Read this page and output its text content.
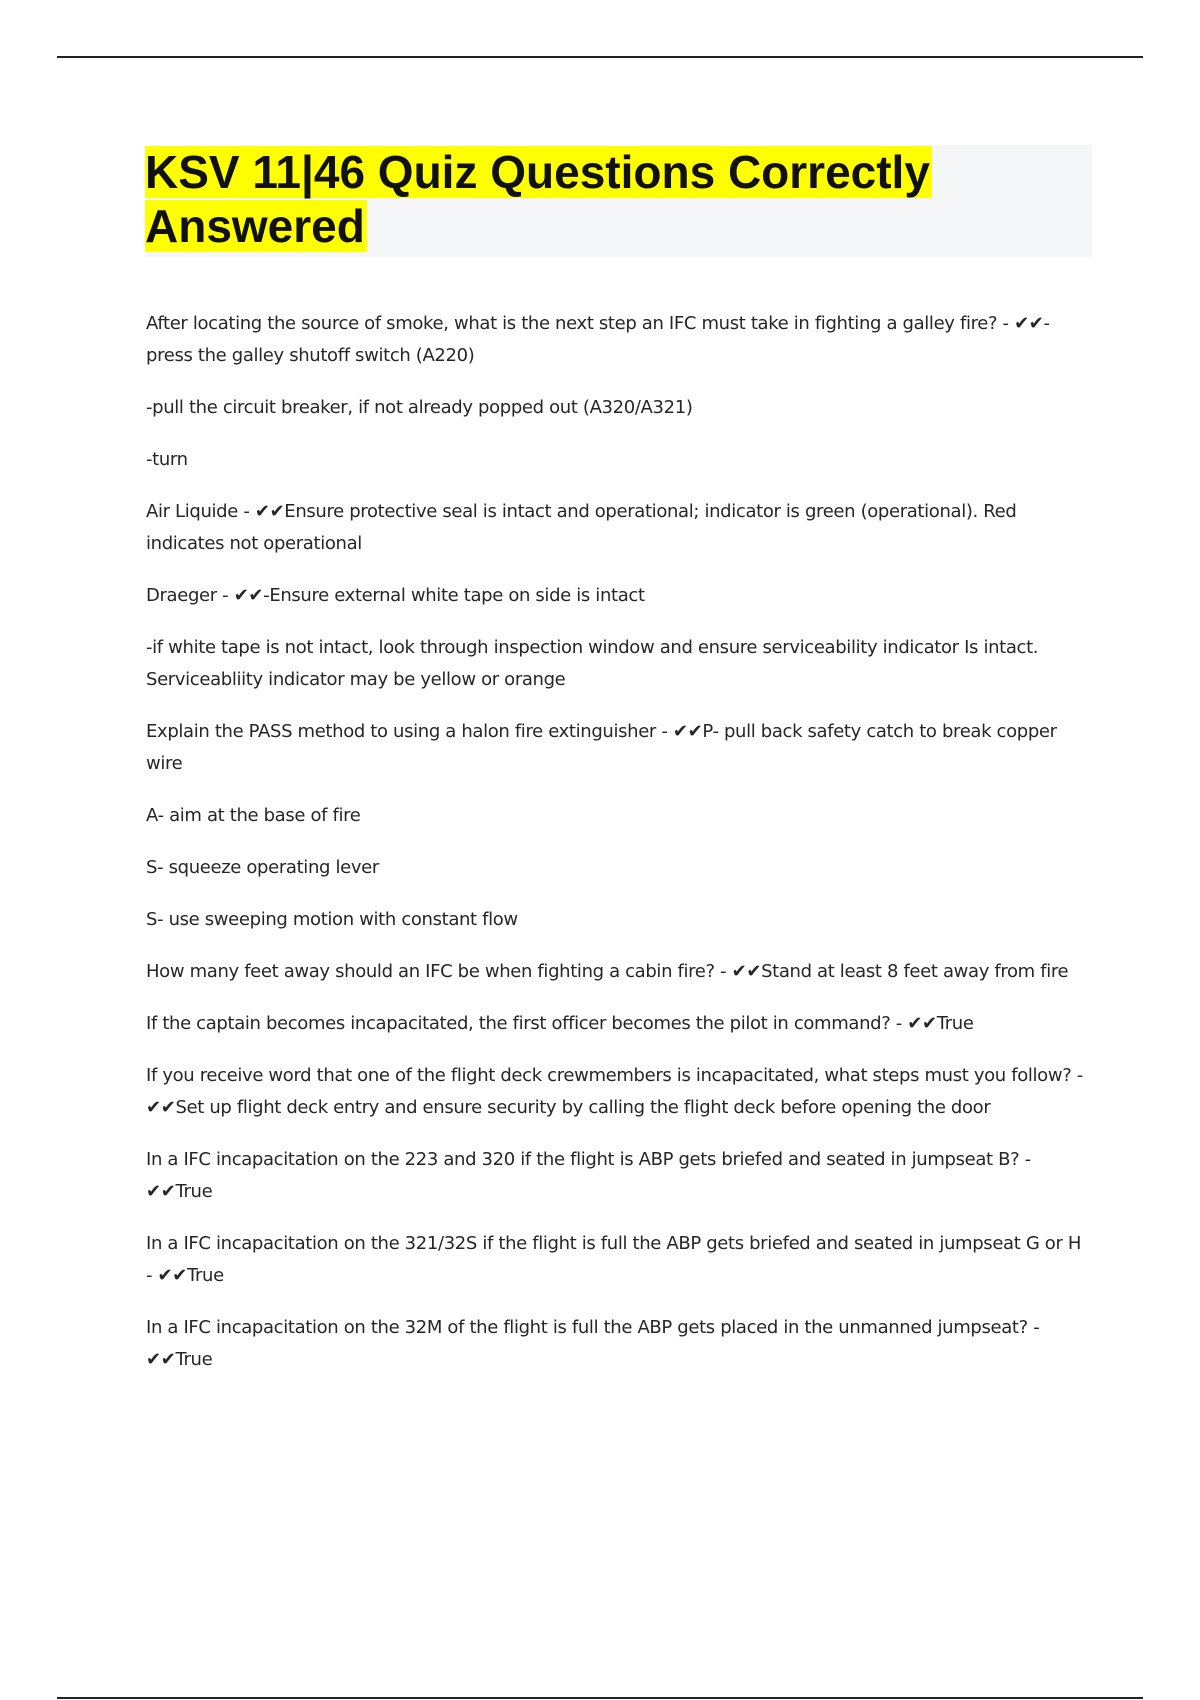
KSV 11|46 Quiz Questions Correctly
Answered

After locating the source of smoke, what is the next step an IFC must take in fighting a galley fire? - ✔✔-press the galley shutoff switch (A220)

-pull the circuit breaker, if not already popped out (A320/A321)

-turn

Air Liquide - ✔✔Ensure protective seal is intact and operational; indicator is green (operational). Red indicates not operational

Draeger - ✔✔-Ensure external white tape on side is intact

-if white tape is not intact, look through inspection window and ensure serviceability indicator Is intact. Serviceabliity indicator may be yellow or orange

Explain the PASS method to using a halon fire extinguisher - ✔✔P- pull back safety catch to break copper wire

A- aim at the base of fire

S- squeeze operating lever

S- use sweeping motion with constant flow

How many feet away should an IFC be when fighting a cabin fire? - ✔✔Stand at least 8 feet away from fire

If the captain becomes incapacitated, the first officer becomes the pilot in command? - ✔✔True

If you receive word that one of the flight deck crewmembers is incapacitated, what steps must you follow? - ✔✔Set up flight deck entry and ensure security by calling the flight deck before opening the door

In a IFC incapacitation on the 223 and 320 if the flight is ABP gets briefed and seated in jumpseat B? - ✔✔True

In a IFC incapacitation on the 321/32S if the flight is full the ABP gets briefed and seated in jumpseat G or H - ✔✔True

In a IFC incapacitation on the 32M of the flight is full the ABP gets placed in the unmanned jumpseat? - ✔✔True
